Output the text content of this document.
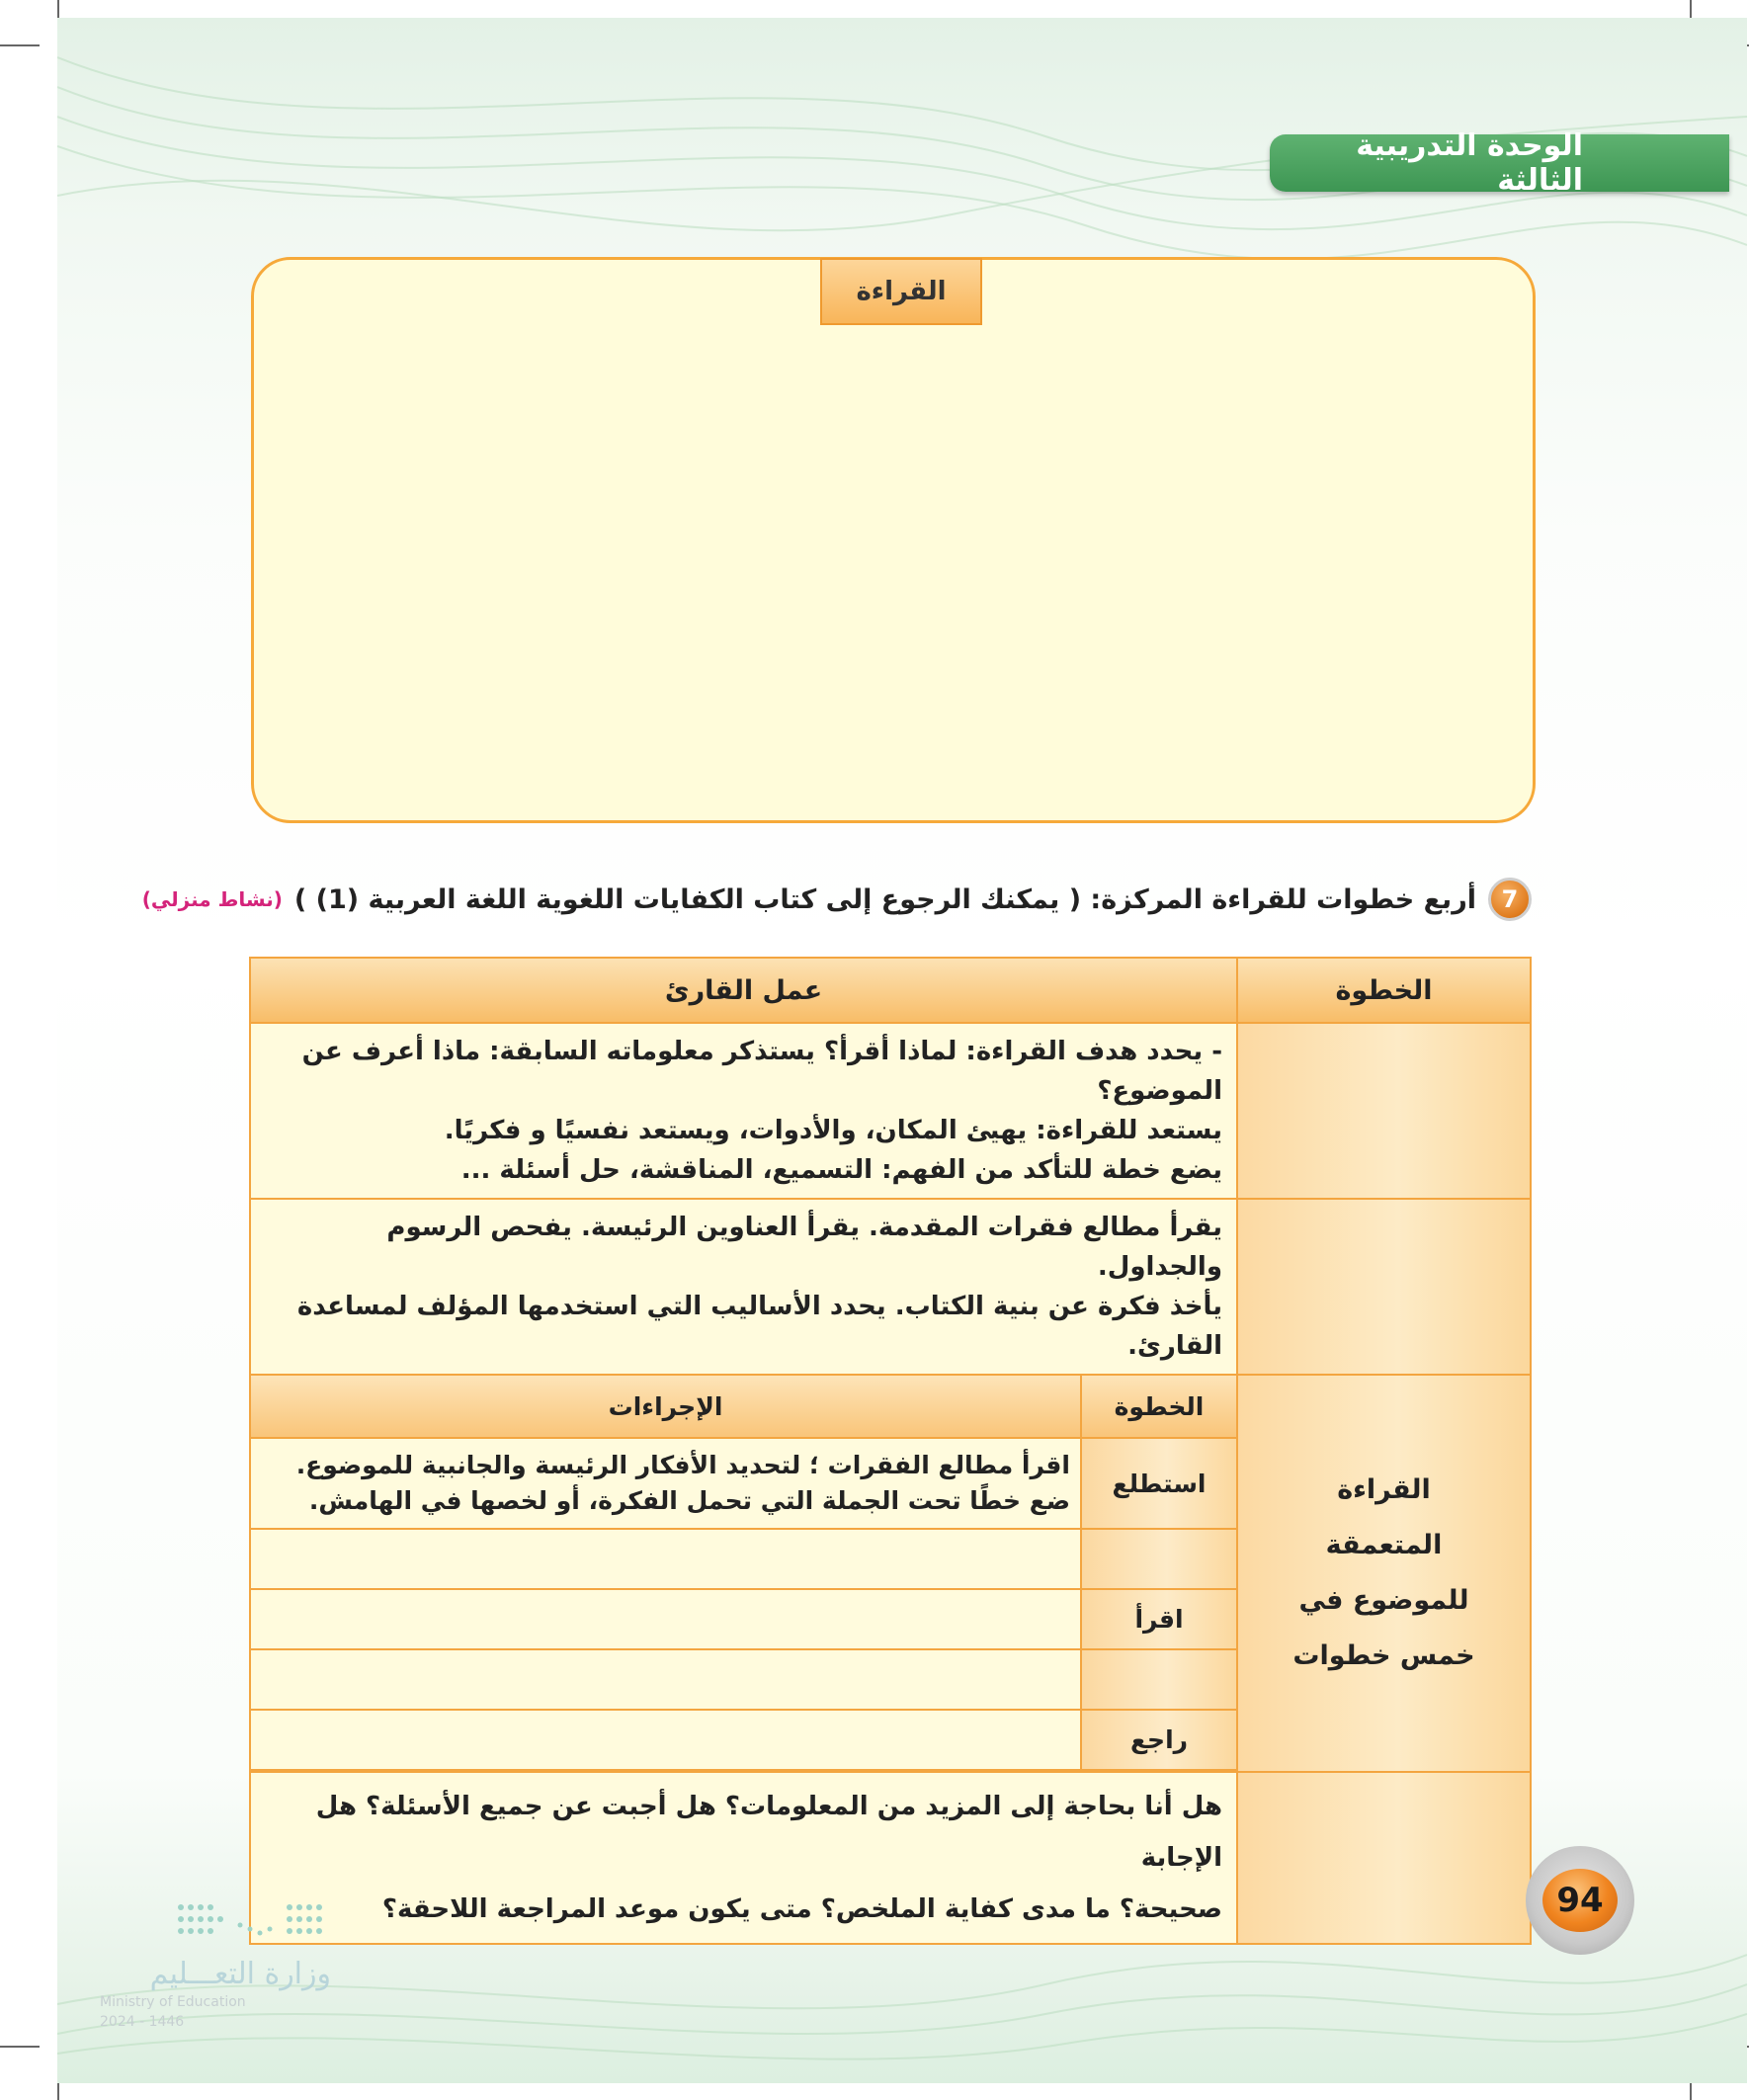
الوحدة التدريبية الثالثة
القراءة
7
أربع خطوات للقراءة المركزة: ( يمكنك الرجوع إلى كتاب الكفايات اللغوية اللغة العربية (1) )
(نشاط منزلي)
الخطوة	عمل القارئ	

	- يحدد هدف القراءة: لماذا أقرأ؟ يستذكر معلوماته السابقة: ماذا أعرف عن الموضوع؟
يستعد للقراءة: يهيئ المكان، والأدوات، ويستعد نفسيًا و فكريًا.
يضع خطة للتأكد من الفهم: التسميع، المناقشة، حل أسئلة ...	

	يقرأ مطالع فقرات المقدمة. يقرأ العناوين الرئيسة. يفحص الرسوم والجداول.
يأخذ فكرة عن بنية الكتاب. يحدد الأساليب التي استخدمها المؤلف لمساعدة القارئ.	

القراءة المتعمقة للموضوع في خمس خطوات	الخطوة	الإجراءات
	استطلع	اقرأ مطالع الفقرات ؛ لتحديد الأفكار الرئيسة والجانبية للموضوع.
ضع خطًا تحت الجملة التي تحمل الفكرة، أو لخصها في الهامش.

	اقرأ	

	راجع	

	هل أنا بحاجة إلى المزيد من المعلومات؟ هل أجبت عن جميع الأسئلة؟ هل الإجابة
صحيحة؟ ما مدى كفاية الملخص؟ متى يكون موعد المراجعة اللاحقة؟		94
وزارة التعـــليم
Ministry of Education
2024 - 1446
